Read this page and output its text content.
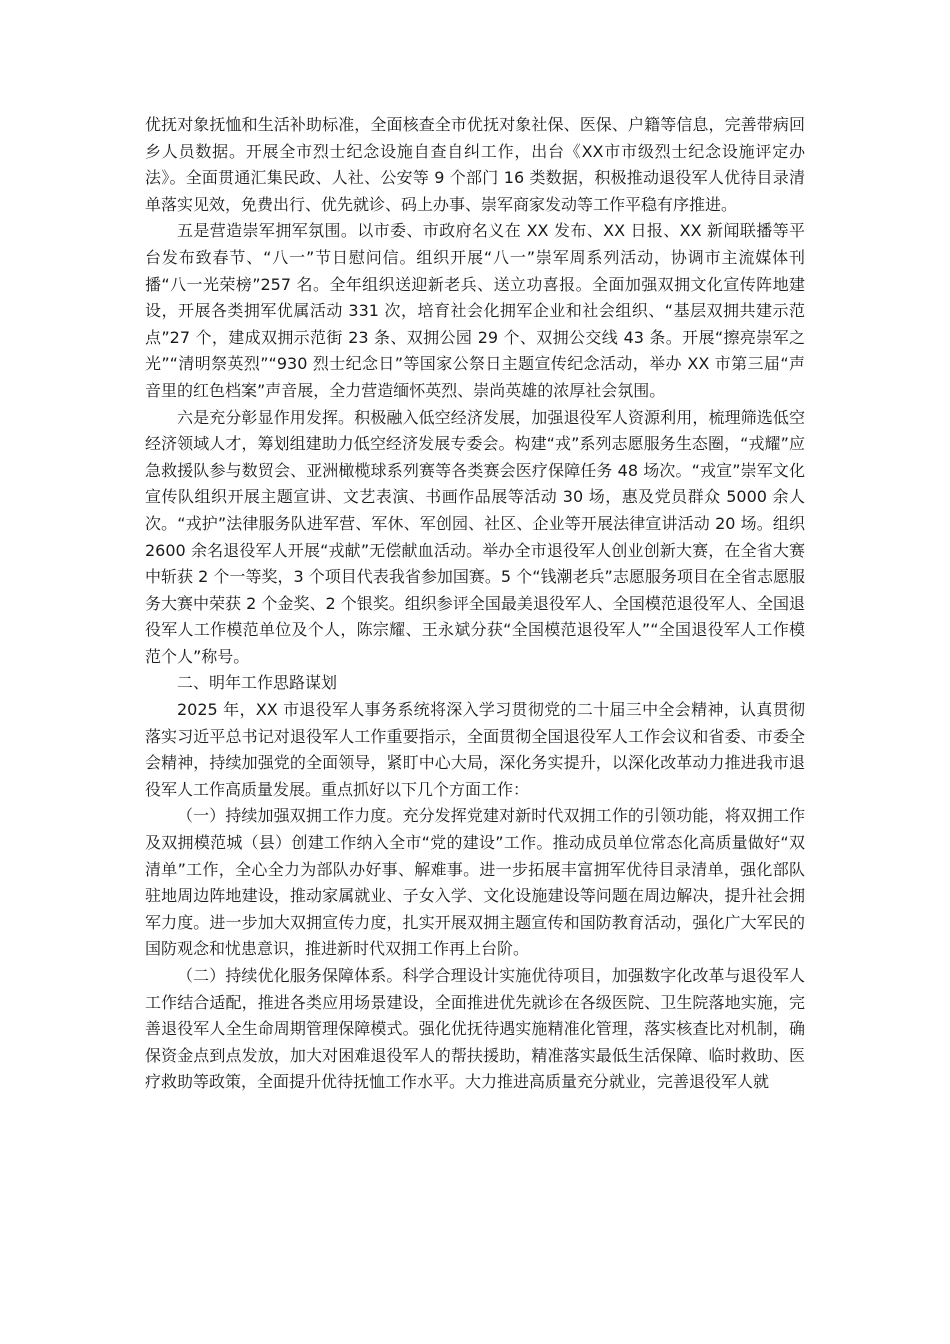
优抚对象抚恤和生活补助标准，全面核查全市优抚对象社保、医保、户籍等信息，完善带病回乡人员数据。开展全市烈士纪念设施自查自纠工作，出台《XX市市级烈士纪念设施评定办法》。全面贯通汇集民政、人社、公安等 9 个部门 16 类数据，积极推动退役军人优待目录清单落实见效，免费出行、优先就诊、码上办事、崇军商家发动等工作平稳有序推进。

五是营造崇军拥军氛围。以市委、市政府名义在 XX 发布、XX 日报、XX 新闻联播等平台发布致春节、“八一”节日慰问信。组织开展“八一”崇军周系列活动，协调市主流媒体刊播“八一光荣榜”257 名。全年组织送迎新老兵、送立功喜报。全面加强双拥文化宣传阵地建设，开展各类拥军优属活动 331 次，培育社会化拥军企业和社会组织、“基层双拥共建示范点”27 个，建成双拥示范街 23 条、双拥公园 29 个、双拥公交线 43 条。开展“擦亮崇军之光”“清明祭英烈”“930 烈士纪念日”等国家公祭日主题宣传纪念活动，举办 XX 市第三届“声音里的红色档案”声音展，全力营造缅怀英烈、崇尚英雄的浓厚社会氛围。

六是充分彰显作用发挥。积极融入低空经济发展，加强退役军人资源利用，梳理筛选低空经济领域人才，筹划组建助力低空经济发展专委会。构建“戎”系列志愿服务生态圈，“戎耀”应急救援队参与数贸会、亚洲橄榄球系列赛等各类赛会医疗保障任务 48 场次。“戎宣”崇军文化宣传队组织开展主题宣讲、文艺表演、书画作品展等活动 30 场，惠及党员群众 5000 余人次。“戎护”法律服务队进军营、军休、军创园、社区、企业等开展法律宣讲活动 20 场。组织 2600 余名退役军人开展“戎献”无偿献血活动。举办全市退役军人创业创新大赛，在全省大赛中斩获 2 个一等奖，3 个项目代表我省参加国赛。5 个“钱潮老兵”志愿服务项目在全省志愿服务大赛中荣获 2 个金奖、2 个银奖。组织参评全国最美退役军人、全国模范退役军人、全国退役军人工作模范单位及个人，陈宗耀、王永斌分获“全国模范退役军人”“全国退役军人工作模范个人”称号。

二、明年工作思路谋划

2025 年，XX 市退役军人事务系统将深入学习贯彻党的二十届三中全会精神，认真贯彻落实习近平总书记对退役军人工作重要指示，全面贯彻全国退役军人工作会议和省委、市委全会精神，持续加强党的全面领导，紧盯中心大局，深化务实提升，以深化改革动力推进我市退役军人工作高质量发展。重点抓好以下几个方面工作：

（一）持续加强双拥工作力度。充分发挥党建对新时代双拥工作的引领功能，将双拥工作及双拥模范城（县）创建工作纳入全市“党的建设”工作。推动成员单位常态化高质量做好“双清单”工作，全心全力为部队办好事、解难事。进一步拓展丰富拥军优待目录清单，强化部队驻地周边阵地建设，推动家属就业、子女入学、文化设施建设等问题在周边解决，提升社会拥军力度。进一步加大双拥宣传力度，扎实开展双拥主题宣传和国防教育活动，强化广大军民的国防观念和忧患意识，推进新时代双拥工作再上台阶。

（二）持续优化服务保障体系。科学合理设计实施优待项目，加强数字化改革与退役军人工作结合适配，推进各类应用场景建设，全面推进优先就诊在各级医院、卫生院落地实施，完善退役军人全生命周期管理保障模式。强化优抚待遇实施精准化管理，落实核查比对机制，确保资金点到点发放，加大对困难退役军人的帮扶援助，精准落实最低生活保障、临时救助、医疗救助等政策，全面提升优待抚恤工作水平。大力推进高质量充分就业，完善退役军人就
